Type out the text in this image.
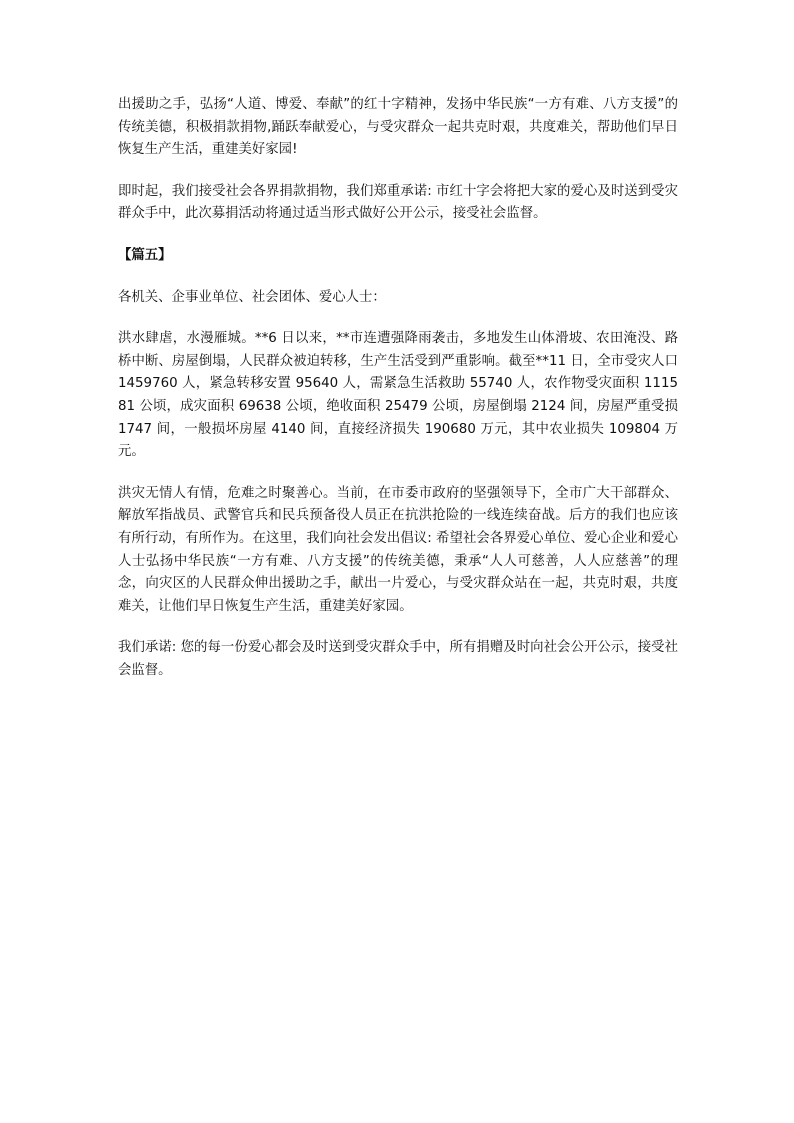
出援助之手，弘扬“人道、博爱、奉献”的红十字精神，发扬中华民族“一方有难、八方支援”的传统美德，积极捐款捐物,踊跃奉献爱心，与受灾群众一起共克时艰，共度难关，帮助他们早日恢复生产生活，重建美好家园!

即时起，我们接受社会各界捐款捐物，我们郑重承诺: 市红十字会将把大家的爱心及时送到受灾群众手中，此次募捐活动将通过适当形式做好公开公示，接受社会监督。

【篇五】

各机关、企事业单位、社会团体、爱心人士：

洪水肆虐，水漫雁城。**6 日以来，**市连遭强降雨袭击，多地发生山体滑坡、农田淹没、路桥中断、房屋倒塌，人民群众被迫转移，生产生活受到严重影响。截至**11 日，全市受灾人口 1459760 人，紧急转移安置 95640 人，需紧急生活救助 55740 人，农作物受灾面积 111581 公顷，成灾面积 69638 公顷，绝收面积 25479 公顷，房屋倒塌 2124 间，房屋严重受损 1747 间，一般损坏房屋 4140 间，直接经济损失 190680 万元，其中农业损失 109804 万元。

洪灾无情人有情，危难之时聚善心。当前，在市委市政府的坚强领导下，全市广大干部群众、解放军指战员、武警官兵和民兵预备役人员正在抗洪抢险的一线连续奋战。后方的我们也应该有所行动，有所作为。在这里，我们向社会发出倡议: 希望社会各界爱心单位、爱心企业和爱心人士弘扬中华民族“一方有难、八方支援”的传统美德，秉承“人人可慈善，人人应慈善”的理念，向灾区的人民群众伸出援助之手，献出一片爱心，与受灾群众站在一起，共克时艰，共度难关，让他们早日恢复生产生活，重建美好家园。

我们承诺: 您的每一份爱心都会及时送到受灾群众手中，所有捐赠及时向社会公开公示，接受社会监督。
